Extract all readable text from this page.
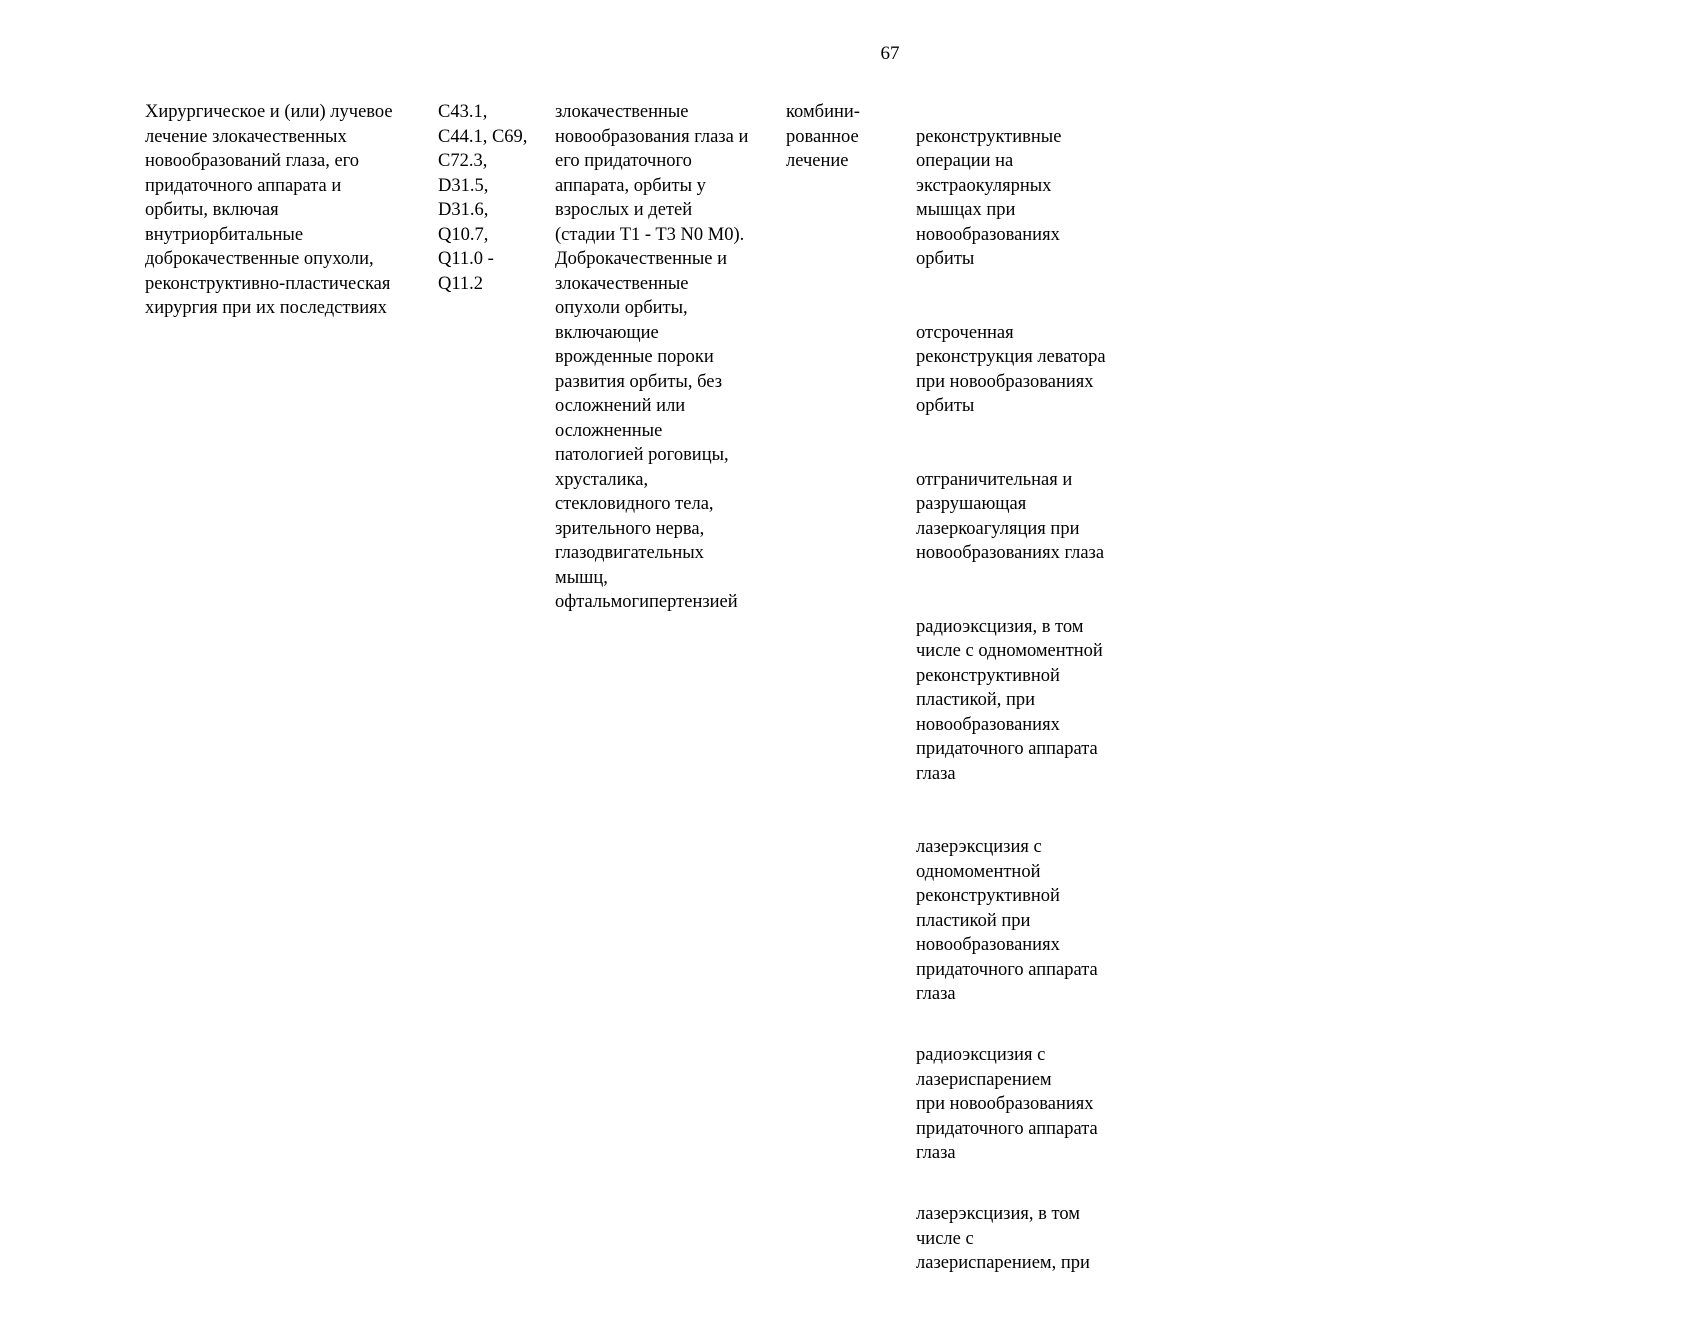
67
Хирургическое и (или) лучевое
лечение злокачественных
новообразований глаза, его
придаточного аппарата и
орбиты, включая
внутриорбитальные
доброкачественные опухоли,
реконструктивно-пластическая
хирургия при их последствиях
C43.1,
C44.1, C69,
C72.3,
D31.5,
D31.6,
Q10.7,
Q11.0 -
Q11.2
злокачественные
новообразования глаза и
его придаточного
аппарата, орбиты у
взрослых и детей
(стадии T1 - T3 N0 M0).
Доброкачественные и
злокачественные
опухоли орбиты,
включающие
врожденные пороки
развития орбиты, без
осложнений или
осложненные
патологией роговицы,
хрусталика,
стекловидного тела,
зрительного нерва,
глазодвигательных
мышц,
офтальмогипертензией
комбини-
рованное
лечение

реконструктивные
операции на
экстраокулярных
мышцах при
новообразованиях
орбиты

отсроченная
реконструкция леватора
при новообразованиях
орбиты

отграничительная и
разрушающая
лазеркоагуляция при
новообразованиях глаза

радиоэксцизия, в том
числе с одномоментной
реконструктивной
пластикой, при
новообразованиях
придаточного аппарата
глаза

лазерэксцизия с
одномоментной
реконструктивной
пластикой при
новообразованиях
придаточного аппарата
глаза

радиоэксцизия с
лазериспарением
при новообразованиях
придаточного аппарата
глаза

лазерэксцизия, в том
числе с
лазериспарением, при
